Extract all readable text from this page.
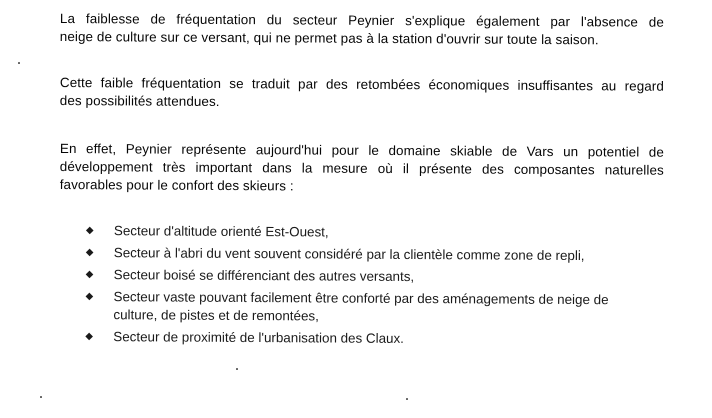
La faiblesse de fréquentation du secteur Peynier s'explique également par l'absence de
neige de culture sur ce versant, qui ne permet pas à la station d'ouvrir sur toute la saison.
Cette faible fréquentation se traduit par des retombées économiques insuffisantes au regard
des possibilités attendues.
En effet, Peynier représente aujourd'hui pour le domaine skiable de Vars un potentiel de
développement très important dans la mesure où il présente des composantes naturelles
favorables pour le confort des skieurs :
◆ Secteur d'altitude orienté Est-Ouest,
◆ Secteur à l'abri du vent souvent considéré par la clientèle comme zone de repli,
◆ Secteur boisé se différenciant des autres versants,
◆ Secteur vaste pouvant facilement être conforté par des aménagements de neige de
culture, de pistes et de remontées,
◆ Secteur de proximité de l'urbanisation des Claux.
